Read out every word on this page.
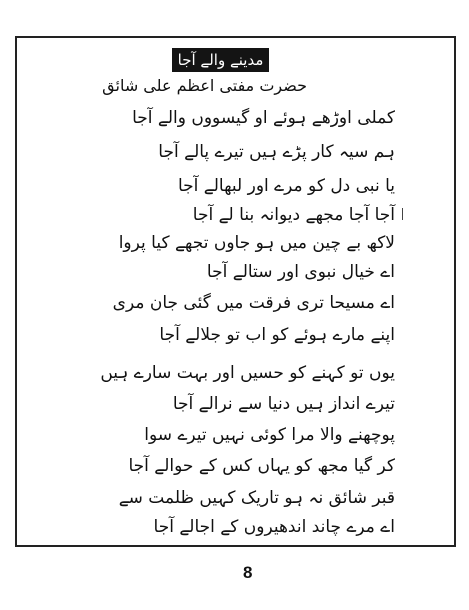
مدینے والے آجا
حضرت مفتی اعظم علی شائق
کملی اوڑھے ہوئے او گیسووں والے آجا
ہم سیہ کار پڑے ہیں تیرے پالے آجا
یا نبی دل کو مرے اور لبھالے آجا
آجا آجا مجھے دیوانہ بنا لے آجا
لاکھ بے چین میں ہو جاوں تجھے کیا پروا
اے خیال نبوی اور ستالے آجا
اے مسیحا تری فرقت میں گئی جان مری
اپنے مارے ہوئے کو اب تو جلالے آجا
یوں تو کہنے کو حسیں اور بہت سارے ہیں
تیرے انداز ہیں دنیا سے نرالے آجا
پوچھنے والا مرا کوئی نہیں تیرے سوا
کر گیا مجھ کو یہاں کس کے حوالے آجا
قبر شائق نہ ہو تاریک کہیں ظلمت سے
اے مرے چاند اندھیروں کے اجالے آجا
8
